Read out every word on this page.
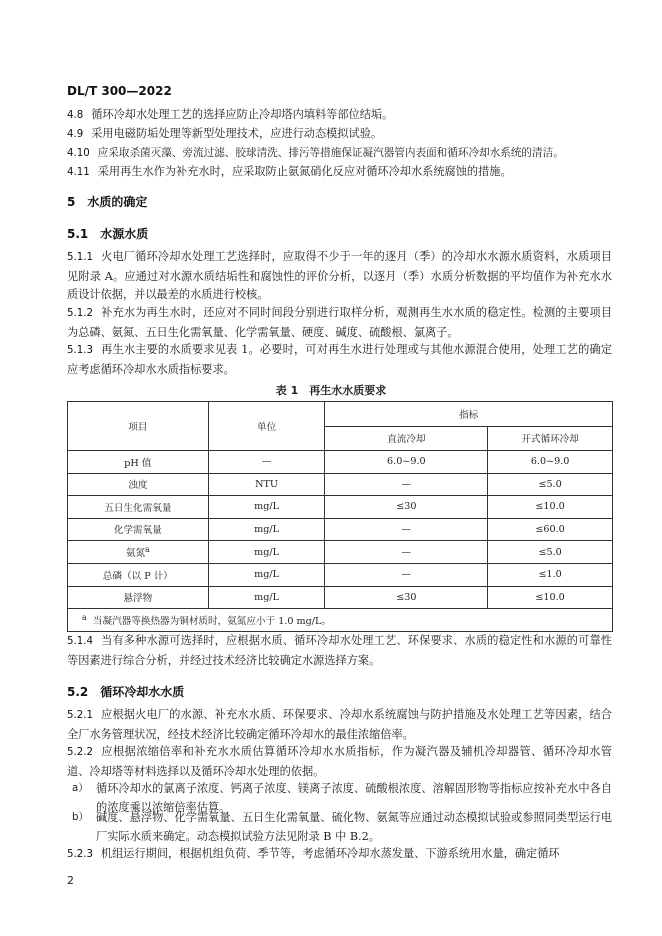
DL/T 300—2022

4.8 循环冷却水处理工艺的选择应防止冷却塔内填料等部位结垢。

4.9 采用电磁防垢处理等新型处理技术，应进行动态模拟试验。

4.10 应采取杀菌灭藻、旁流过滤、胶球清洗、排污等措施保证凝汽器管内表面和循环冷却水系统的清洁。

4.11 采用再生水作为补充水时，应采取防止氨氮硝化反应对循环冷却水系统腐蚀的措施。

5 水质的确定
5.1 水源水质

5.1.1 火电厂循环冷却水处理工艺选择时，应取得不少于一年的逐月（季）的冷却水水源水质资料，水质项目见附录 A。应通过对水源水质结垢性和腐蚀性的评价分析，以逐月（季）水质分析数据的平均值作为补充水水质设计依据，并以最差的水质进行校核。

5.1.2 补充水为再生水时，还应对不同时间段分别进行取样分析，观测再生水水质的稳定性。检测的主要项目为总磷、氨氮、五日生化需氧量、化学需氧量、硬度、碱度、硫酸根、氯离子。

5.1.3 再生水主要的水质要求见表 1。必要时，可对再生水进行处理或与其他水源混合使用，处理工艺的确定应考虑循环冷却水水质指标要求。

表 1　再生水水质要求
项目	单位	指标	
		直流冷却	开式循环冷却
pH 值	—	6.0~9.0	6.0~9.0
浊度	NTU	—	≤5.0
五日生化需氧量	mg/L	≤30	≤10.0
化学需氧量	mg/L	—	≤60.0
氨氮$^a$	mg/L	—	≤5.0
总磷（以 P 计）	mg/L	—	≤1.0
悬浮物	mg/L	≤30	≤10.0
$^a$ 当凝汽器等换热器为铜材质时，氨氮应小于 1.0 mg/L。			

5.1.4 当有多种水源可选择时，应根据水质、循环冷却水处理工艺、环保要求、水质的稳定性和水源的可靠性等因素进行综合分析，并经过技术经济比较确定水源选择方案。

5.2 循环冷却水水质

5.2.1 应根据火电厂的水源、补充水水质、环保要求、冷却水系统腐蚀与防护措施及水处理工艺等因素，结合全厂水务管理状况，经技术经济比较确定循环冷却水的最佳浓缩倍率。

5.2.2 应根据浓缩倍率和补充水水质估算循环冷却水水质指标，作为凝汽器及辅机冷却器管、循环冷却水管道、冷却塔等材料选择以及循环冷却水处理的依据。

a） 循环冷却水的氯离子浓度、钙离子浓度、镁离子浓度、硫酸根浓度、溶解固形物等指标应按补充水中各自的浓度乘以浓缩倍率估算。
b） 碱度、悬浮物、化学需氧量、五日生化需氧量、硫化物、氨氮等应通过动态模拟试验或参照同类型运行电厂实际水质来确定。动态模拟试验方法见附录 B 中 B.2。

5.2.3 机组运行期间，根据机组负荷、季节等，考虑循环冷却水蒸发量、下游系统用水量，确定循环

2
